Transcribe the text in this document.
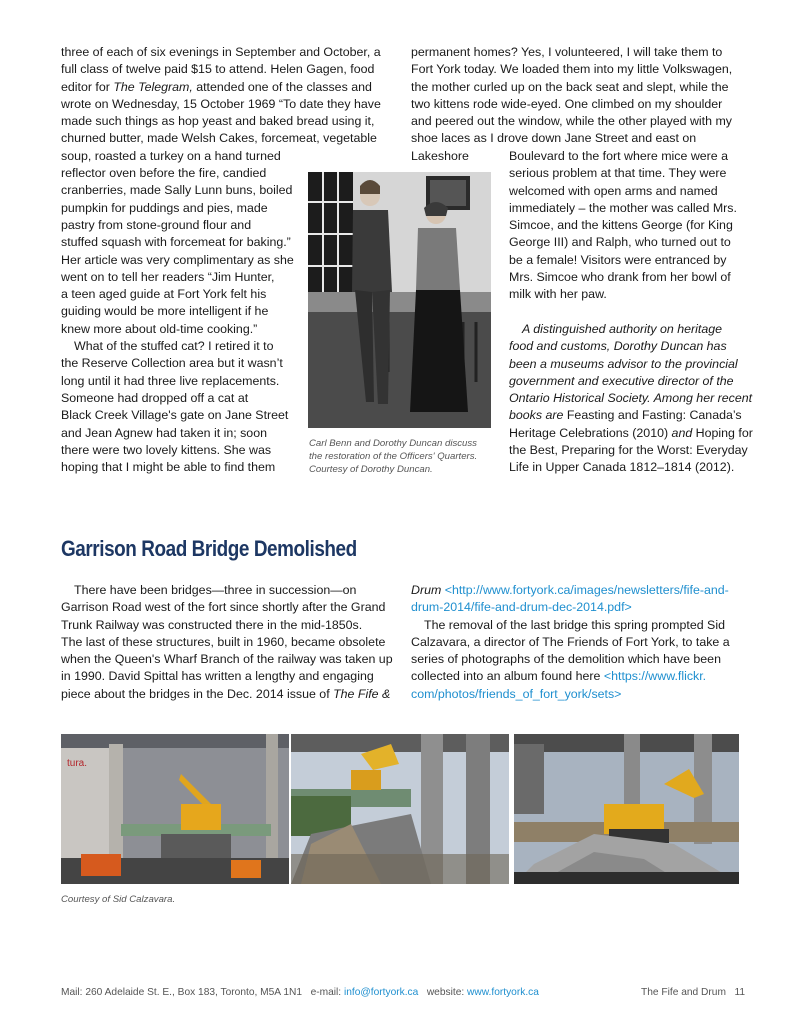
three of each of six evenings in September and October, a

full class of twelve paid $15 to attend. Helen Gagen, food

editor for The Telegram, attended one of the classes and

wrote on Wednesday, 15 October 1969 “To date they have

made such things as hop yeast and baked bread using it,

churned butter, made Welsh Cakes, forcemeat, vegetable

soup, roasted a turkey on a hand turned

reflector oven before the fire, candied

cranberries, made Sally Lunn buns, boiled

pumpkin for puddings and pies, made

pastry from stone-ground flour and

stuffed squash with forcemeat for baking.”

Her article was very complimentary as she

went on to tell her readers “Jim Hunter,

a teen aged guide at Fort York felt his

guiding would be more intelligent if he

knew more about old-time cooking.”

What of the stuffed cat? I retired it to

the Reserve Collection area but it wasn’t

long until it had three live replacements.

Someone had dropped off a cat at

Black Creek Village's gate on Jane Street

and Jean Agnew had taken it in; soon

there were two lovely kittens. She was

hoping that I might be able to find them

permanent homes? Yes, I volunteered, I will take them to

Fort York today. We loaded them into my little Volkswagen,

the mother curled up on the back seat and slept, while the

two kittens rode wide-eyed. One climbed on my shoulder

and peered out the window, while the other played with my

shoe laces as I drove down Jane Street and east on Lakeshore	Boulevard to the fort where mice were a

serious problem at that time. They were

welcomed with open arms and named

immediately – the mother was called Mrs.

Simcoe, and the kittens George (for King

George III) and Ralph, who turned out to

be a female! Visitors were entranced by

Mrs. Simcoe who drank from her bowl of

milk with her paw.

A distinguished authority on heritage

food and customs, Dorothy Duncan has

been a museums advisor to the provincial

government and executive director of the

Ontario Historical Society. Among her recent

books are Feasting and Fasting: Canada’s

Heritage Celebrations (2010) and Hoping for

the Best, Preparing for the Worst: Everyday

Life in Upper Canada 1812–1814 (2012).

Carl Benn and Dorothy Duncan discuss
the restoration of the Officers' Quarters.
Courtesy of Dorothy Duncan.
Garrison Road Bridge Demolished

There have been bridges—three in succession—on

Garrison Road west of the fort since shortly after the Grand

Trunk Railway was constructed there in the mid-1850s.

The last of these structures, built in 1960, became obsolete

when the Queen's Wharf Branch of the railway was taken up

in 1990. David Spittal has written a lengthy and engaging

piece about the bridges in the Dec. 2014 issue of The Fife &

Drum <http://www.fortyork.ca/images/newsletters/fife-and-

drum-2014/fife-and-drum-dec-2014.pdf>

The removal of the last bridge this spring prompted Sid

Calzavara, a director of The Friends of Fort York, to take a

series of photographs of the demolition which have been

collected into an album found here <https://www.flickr.

com/photos/friends_of_fort_york/sets>

tura.
Courtesy of Sid Calzavara.
Mail: 260 Adelaide St. E., Box 183, Toronto, M5A 1N1 e-mail: info@fortyork.ca website: www.fortyork.ca	The Fife and Drum 11
